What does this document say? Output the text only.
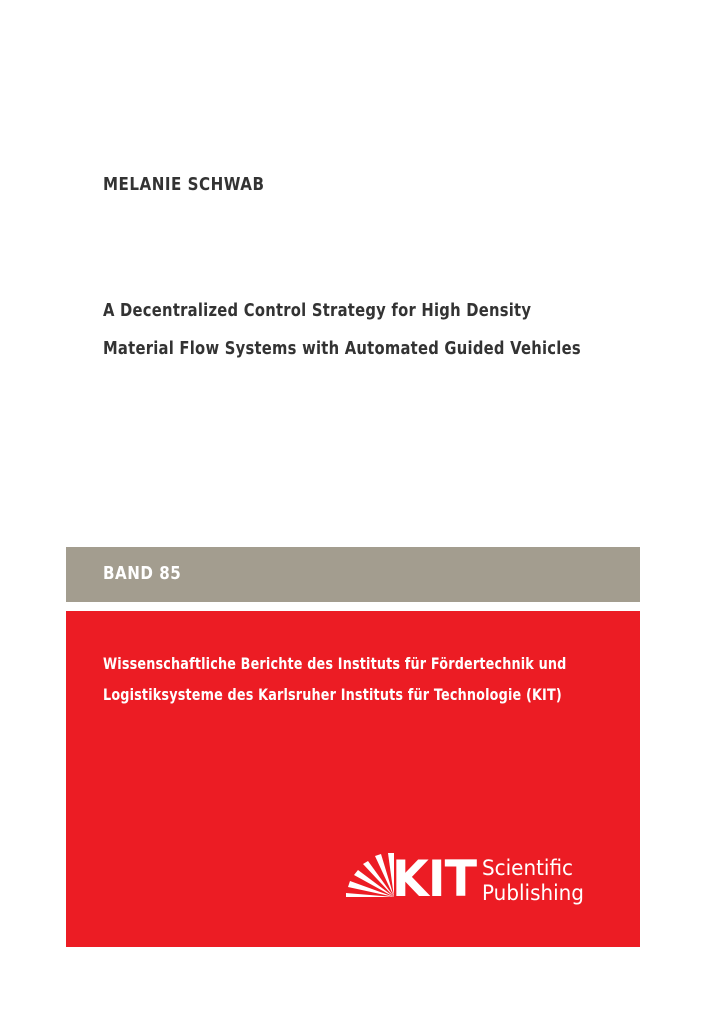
MELANIE SCHWAB
A Decentralized Control Strategy for High Density
Material Flow Systems with Automated Guided Vehicles
BAND 85

Wissenschaftliche Berichte des Instituts für Fördertechnik und
Logistiksysteme des Karlsruher Instituts für Technologie (KIT)

KIT Scientific
Publishing
